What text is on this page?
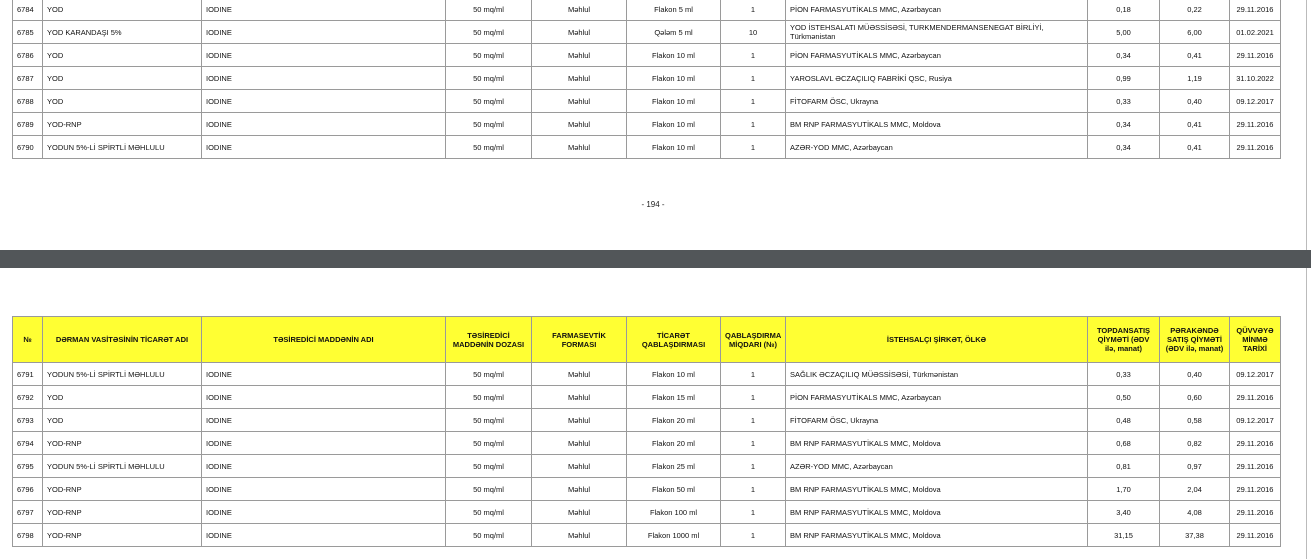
6784	YOD	IODINE	50 mq/ml	Məhlul	Flakon 5 ml	1	PİON FARMASYUTİKALS MMC, Azərbaycan	0,18	0,22	29.11.2016
6785	YOD KARANDAŞI 5%	IODINE	50 mq/ml	Məhlul	Qələm 5 ml	10	YOD İSTEHSALATI MÜƏSSİSƏSİ, TURKMENDERMANSENEGAT BİRLİYİ, Türkmənistan	5,00	6,00	01.02.2021
6786	YOD	IODINE	50 mq/ml	Məhlul	Flakon 10 ml	1	PİON FARMASYUTİKALS MMC, Azərbaycan	0,34	0,41	29.11.2016
6787	YOD	IODINE	50 mq/ml	Məhlul	Flakon 10 ml	1	YAROSLAVL ƏCZAÇILIQ FABRİKİ QSC, Rusiya	0,99	1,19	31.10.2022
6788	YOD	IODINE	50 mq/ml	Məhlul	Flakon 10 ml	1	FİTOFARM ÖSC, Ukrayna	0,33	0,40	09.12.2017
6789	YOD-RNP	IODINE	50 mq/ml	Məhlul	Flakon 10 ml	1	BM RNP FARMASYUTİKALS MMC, Moldova	0,34	0,41	29.11.2016
6790	YODUN 5%-Lİ SPİRTLİ MƏHLULU	IODINE	50 mq/ml	Məhlul	Flakon 10 ml	1	AZƏR-YOD MMC, Azərbaycan	0,34	0,41	29.11.2016
- 194 -
№	DƏRMAN VASİTƏSİNİN TİCARƏT ADI	TƏSİREDİCİ MADDƏNİN ADI	TƏSİREDİCİ MADDƏNİN DOZASI	FARMASEVTİK FORMASI	TİCARƏT QABLAŞDIRMASI	QABLAŞDIRMA MİQDARI (№)	İSTEHSALÇI ŞİRKƏT, ÖLKƏ	TOPDANSATIŞ QİYMƏTİ (ƏDV ilə, manat)	PƏRAKƏNDƏ SATIŞ QİYMƏTİ (ƏDV ilə, manat)	QÜVVƏYƏ MİNMƏ TARİXİ
6791	YODUN 5%-Lİ SPİRTLİ MƏHLULU	IODINE	50 mq/ml	Məhlul	Flakon 10 ml	1	SAĞLIK ƏCZAÇILIQ MÜƏSSİSƏSİ, Türkmənistan	0,33	0,40	09.12.2017
6792	YOD	IODINE	50 mq/ml	Məhlul	Flakon 15 ml	1	PİON FARMASYUTİKALS MMC, Azərbaycan	0,50	0,60	29.11.2016
6793	YOD	IODINE	50 mq/ml	Məhlul	Flakon 20 ml	1	FİTOFARM ÖSC, Ukrayna	0,48	0,58	09.12.2017
6794	YOD-RNP	IODINE	50 mq/ml	Məhlul	Flakon 20 ml	1	BM RNP FARMASYUTİKALS MMC, Moldova	0,68	0,82	29.11.2016
6795	YODUN 5%-Lİ SPİRTLİ MƏHLULU	IODINE	50 mq/ml	Məhlul	Flakon 25 ml	1	AZƏR-YOD MMC, Azərbaycan	0,81	0,97	29.11.2016
6796	YOD-RNP	IODINE	50 mq/ml	Məhlul	Flakon 50 ml	1	BM RNP FARMASYUTİKALS MMC, Moldova	1,70	2,04	29.11.2016
6797	YOD-RNP	IODINE	50 mq/ml	Məhlul	Flakon 100 ml	1	BM RNP FARMASYUTİKALS MMC, Moldova	3,40	4,08	29.11.2016
6798	YOD-RNP	IODINE	50 mq/ml	Məhlul	Flakon 1000 ml	1	BM RNP FARMASYUTİKALS MMC, Moldova	31,15	37,38	29.11.2016
